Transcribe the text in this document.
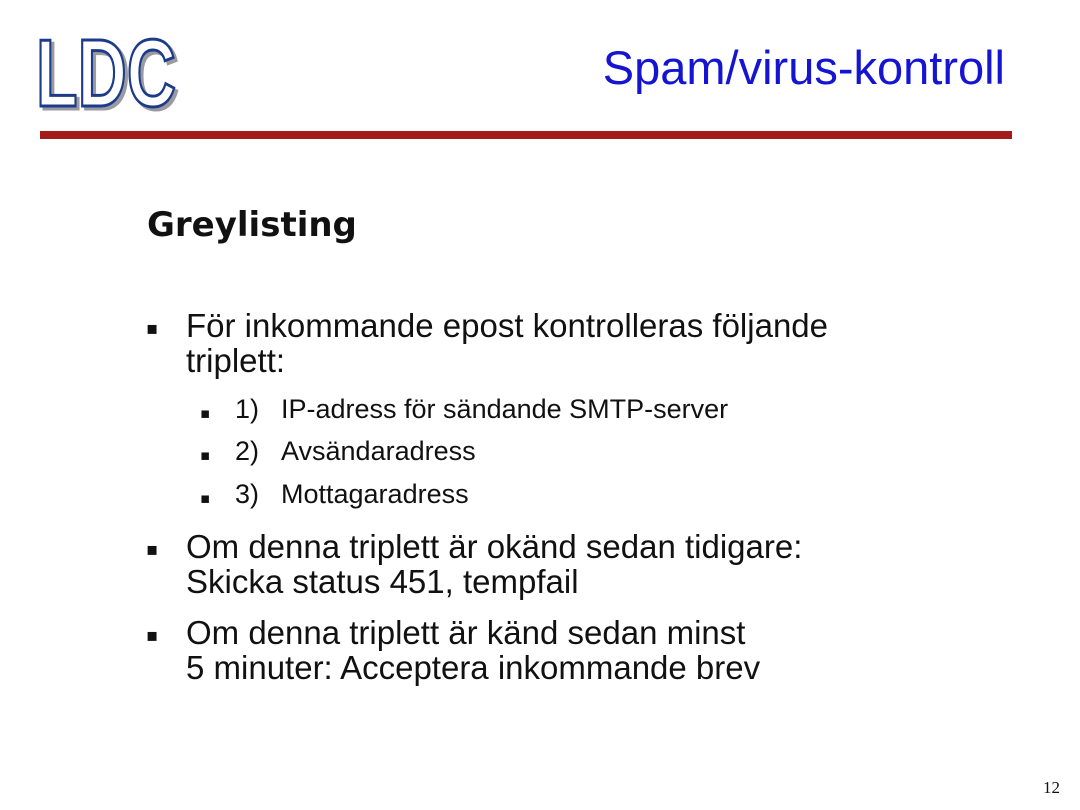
LDC	Spam/virus-kontroll
Greylisting
▪ För inkommande epost kontrolleras följande
triplett:
▪ 1) IP-adress för sändande SMTP-server
▪ 2) Avsändaradress
▪ 3) Mottagaradress
▪ Om denna triplett är okänd sedan tidigare:
Skicka status 451, tempfail
▪ Om denna triplett är känd sedan minst
5 minuter: Acceptera inkommande brev
12
